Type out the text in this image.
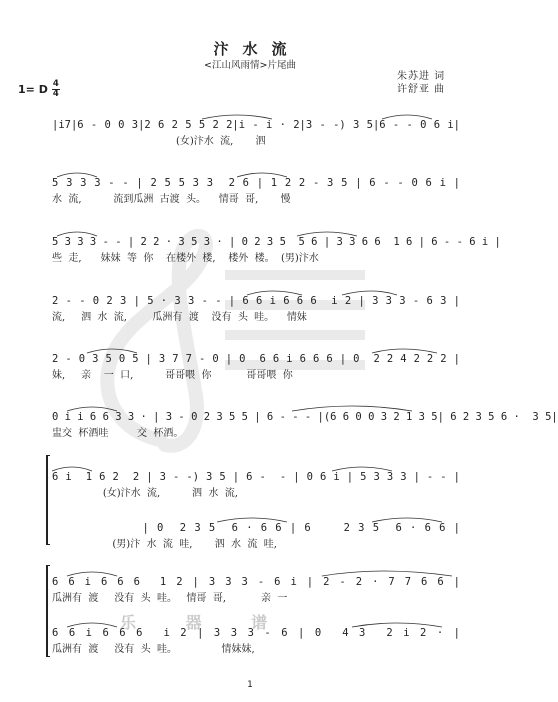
乐 器 谱
汴水流
<江山风雨情>片尾曲
1= D 4
4
朱苏进 词
许舒亚 曲
|i7|6 - 0 0 3|2 6 2 5 5 2 2|i - i · 2|3 - -) 3 5|6 - - 0 6 i|
(女)汴水  流,       泗
5 3 3 3 - - | 2 5 5 3 3  2 6 | 1 2 2 - 3 5 | 6 - - 0 6 i |
水  流,          流到瓜洲  古渡  头。    情哥  哥,       慢
5 3 3 3 - - | 2 2 · 3 5 3 · | 0 2 3 5  5 6 | 3 3 6 6  1 6 | 6 - - 6 i |
些  走,      妹妹  等  你    在楼外  楼,    楼外  楼。  (男)汴水
2 - - 0 2 3 | 5 · 3 3 - - | 6 6 i 6 6 6  i 2 | 3 3 3 - 6 3 |
流,     泗  水  流,        瓜洲有  渡    没有  头  哇。    情妹
2 - 0 3 5 0 5 | 3 7 7 - 0 | 0  6 6 i 6 6 6 | 0  2 2 4 2 2 2 |
妹,     亲    一  口,          哥哥喂  你           哥哥喂  你
0 i i 6 6 3 3 · | 3 - 0 2 3 5 5 | 6 - - - |(6 6 0 0 3 2 1 3 5| 6 2 3 5 6 ·  3 5|
盅交  杯酒哇         交  杯酒。
6 i  1 6 2  2 | 3 - -) 3 5 | 6 -  - | 0 6 i | 5 3 3 3 | - - |
(女)汴水  流,          泗  水  流,
| 0  2 3 5  6 · 6 6 | 6    2 3 5  6 · 6 6 |
(男)汴  水  流  哇,       泗  水  流  哇,
6 6 i 6 6 6  1 2 | 3 3 3 - 6 i | 2 - 2 · 7 7 6 6 |
瓜洲有  渡     没有  头  哇。   情哥  哥,           亲  一
6 6 i 6 6 6  i 2 | 3 3 3 - 6 | 0  4 3  2 i 2 · |
瓜洲有  渡     没有  头  哇。              情妹妹,
1
